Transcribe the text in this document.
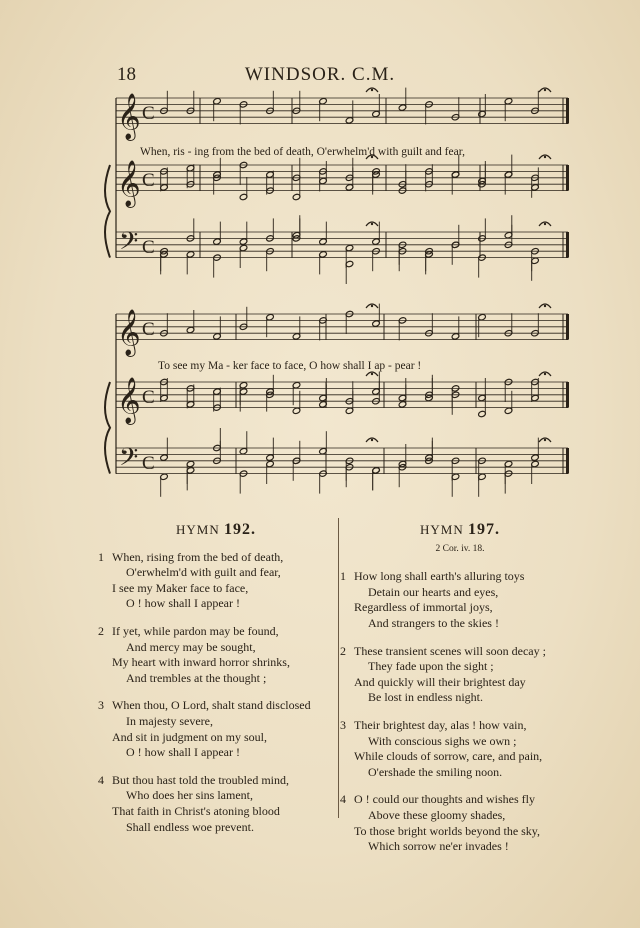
18	WINDSOR. C.M.
𝄞 C
𝄞 C
𝄢 C
𝄞 C
𝄞 C
𝄢 C
When, ris - ing from the bed of death, O'erwhelm'd with guilt and fear,
To see my Ma - ker face to face, O how shall I ap - pear !
HYMN 192.
1 When, rising from the bed of death,
O'erwhelm'd with guilt and fear,
I see my Maker face to face,
O ! how shall I appear !
2 If yet, while pardon may be found,
And mercy may be sought,
My heart with inward horror shrinks,
And trembles at the thought ;
3 When thou, O Lord, shalt stand disclosed
In majesty severe,
And sit in judgment on my soul,
O ! how shall I appear !
4 But thou hast told the troubled mind,
Who does her sins lament,
That faith in Christ's atoning blood
Shall endless woe prevent.
HYMN 197.
2 Cor. iv. 18.
1 How long shall earth's alluring toys
Detain our hearts and eyes,
Regardless of immortal joys,
And strangers to the skies !
2 These transient scenes will soon decay ;
They fade upon the sight ;
And quickly will their brightest day
Be lost in endless night.
3 Their brightest day, alas ! how vain,
With conscious sighs we own ;
While clouds of sorrow, care, and pain,
O'ershade the smiling noon.
4 O ! could our thoughts and wishes fly
Above these gloomy shades,
To those bright worlds beyond the sky,
Which sorrow ne'er invades !
